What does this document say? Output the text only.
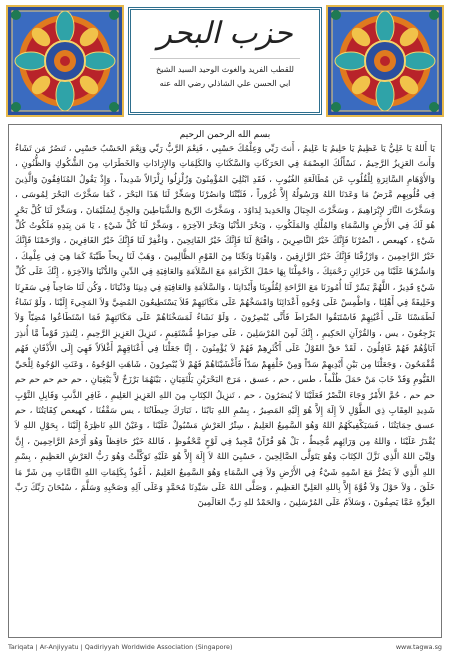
حزب البحر
للقطب الفريد والغوث الوحيد السيد الشيخ
ابي الحسن علي الشاذلي رضي الله عنه
بسم الله الرحمن الرحيم

يَا أَللهُ يَا عَلِيُّ يَا عَظِيمُ يَا حَلِيمُ يَا عَلِيمُ ، أَنتَ رَبِّي وَعِلْمُكَ حَسْبِي ، فَنِعْمَ الرَّبُّ رَبِّي وَنِعْمَ الحَسْبُ حَسْبِي ، تَنصُرُ مَن تَشَاءُ وَأَنتَ العَزِيزُ الرَّحِيمُ ، نَسْأَلُكَ العِصْمَةَ فِي الحَرَكَاتِ وَالسَّكَنَاتِ وَالكَلِمَاتِ وَالإِرَادَاتِ وَالخَطَرَاتِ مِنَ الشُّكُوكِ وَالظُّنُونِ ، وَالأَوْهَامِ السَّاتِرَةِ لِلْقُلُوبِ عَن مُطَالَعَةِ الغُيُوبِ ، فَقَدِ ابْتُلِيَ المُؤْمِنُونَ وَزُلْزِلُوا زِلْزَالاً شَدِيداً ، وَإِذْ يَقُولُ المُنَافِقُونَ وَالَّذِينَ فِي قُلُوبِهِم مَّرَضٌ مَا وَعَدَنَا اللهُ وَرَسُولُهُ إِلاَّ غُرُوراً ، فَثَبِّتْنَا وَانصُرْنَا وَسَخِّرْ لَنَا هَذَا البَحْرَ ، كَمَا سَخَّرْتَ البَحْرَ لِمُوسَى ، وَسَخَّرْتَ النَّارَ لإِبْرَاهِيمَ ، وَسَخَّرْتَ الجِبَالَ وَالحَدِيدَ لِدَاوُدَ ، وَسَخَّرْتَ الرِّيحَ وَالشَّيَاطِينَ وَالجِنَّ لِسُلَيْمَانَ ، وَسَخِّرْ لَنَا كُلَّ بَحْرٍ هُوَ لَكَ فِي الأَرْضِ وَالسَّمَاءِ وَالمُلْكِ وَالمَلَكُوتِ ، وَبَحْرَ الدُّنْيَا وَبَحْرَ الآخِرَةِ ، وَسَخِّرْ لَنَا كُلَّ شَيْءٍ ، يَا مَن بِيَدِهِ مَلَكُوتُ كُلِّ شَيْءٍ ، كهيعص ، انْصُرْنَا فَإِنَّكَ خَيْرُ النَّاصِرِينَ ، وَافْتَحْ لَنَا فَإِنَّكَ خَيْرُ الفَاتِحِينَ ، وَاغْفِرْ لَنَا فَإِنَّكَ خَيْرُ الغَافِرِينَ ، وَارْحَمْنَا فَإِنَّكَ خَيْرُ الرَّاحِمِينَ ، وَارْزُقْنَا فَإِنَّكَ خَيْرُ الرَّازِقِينَ ، وَاهْدِنَا وَنَجِّنَا مِنَ القَوْمِ الظَّالِمِينَ ، وَهَبْ لَنَا رِيحاً طَيِّبَةً كَمَا هِيَ فِي عِلْمِكَ ، وَانشُرْهَا عَلَيْنَا مِن خَزَائِنِ رَحْمَتِكَ ، وَاحْمِلْنَا بِهَا حَمْلَ الكَرَامَةِ مَعَ السَّلاَمَةِ وَالعَافِيَةِ فِي الدِّينِ وَالدُّنْيَا وَالآخِرَةِ ، إِنَّكَ عَلَى كُلِّ شَيْءٍ قَدِيرٌ ، اللَّهُمَّ يَسِّرْ لَنَا أُمُورَنَا مَعَ الرَّاحَةِ لِقُلُوبِنَا وَأَبْدَانِنَا ، وَالسَّلاَمَةِ وَالعَافِيَةِ فِي دِينِنَا وَدُنْيَانَا ، وَكُن لَنَا صَاحِباً فِي سَفَرِنَا وَخَلِيفَةً فِي أَهْلِنَا ، وَاطْمِسْ عَلَى وُجُوهِ أَعْدَائِنَا وَامْسَخْهُمْ عَلَى مَكَانَتِهِمْ فَلاَ يَسْتَطِيعُونَ المُضِيَّ وَلاَ المَجِيءَ إِلَيْنَا ، وَلَوْ نَشَاءُ لَطَمَسْنَا عَلَى أَعْيُنِهِمْ فَاسْتَبَقُوا الصِّرَاطَ فَأَنَّى يُبْصِرُونَ ، وَلَوْ نَشَاءُ لَمَسَخْنَاهُمْ عَلَى مَكَانَتِهِمْ فَمَا اسْتَطَاعُوا مُضِيّاً وَلاَ يَرْجِعُونَ ، يس ، وَالقُرْآنِ الحَكِيمِ ، إِنَّكَ لَمِنَ المُرْسَلِينَ ، عَلَى صِرَاطٍ مُّسْتَقِيمٍ ، تَنزِيلَ العَزِيزِ الرَّحِيمِ ، لِتُنذِرَ قَوْماً مَّا أُنذِرَ آبَاؤُهُمْ فَهُمْ غَافِلُونَ ، لَقَدْ حَقَّ القَوْلُ عَلَى أَكْثَرِهِمْ فَهُمْ لاَ يُؤْمِنُونَ ، إِنَّا جَعَلْنَا فِي أَعْنَاقِهِمْ أَغْلاَلاً فَهِيَ إِلَى الأَذْقَانِ فَهُم مُّقْمَحُونَ ، وَجَعَلْنَا مِن بَيْنِ أَيْدِيهِمْ سَدّاً وَمِنْ خَلْفِهِمْ سَدّاً فَأَغْشَيْنَاهُمْ فَهُمْ لاَ يُبْصِرُونَ ، شَاهَتِ الوُجُوهُ ، وَعَنَتِ الوُجُوهُ لِلْحَيِّ القَيُّومِ وَقَدْ خَابَ مَنْ حَمَلَ ظُلْماً ، طس ، حم ، عسق ، مَرَجَ البَحْرَيْنِ يَلْتَقِيَانِ ، بَيْنَهُمَا بَرْزَخٌ لاَّ يَبْغِيَانِ ، حم حم حم حم حم حم حم ، حُمَّ الأَمْرُ وَجَاءَ النَّصْرُ فَعَلَيْنَا لاَ يُنصَرُونَ ، حم ، تَنزِيلُ الكِتَابِ مِنَ اللهِ العَزِيزِ العَلِيمِ ، غَافِرِ الذَّنبِ وَقَابِلِ التَّوْبِ شَدِيدِ العِقَابِ ذِي الطَّوْلِ لاَ إِلَهَ إِلاَّ هُوَ إِلَيْهِ المَصِيرُ ، بِسْمِ اللهِ بَابُنَا ، تَبَارَكَ حِيطَانُنَا ، يس سَقْفُنَا ، كهيعص كِفَايَتُنَا ، حم عسق حِمَايَتُنَا ، فَسَيَكْفِيكَهُمُ اللهُ وَهُوَ السَّمِيعُ العَلِيمُ ، سِتْرُ العَرْشِ مَسْبُولٌ عَلَيْنَا ، وَعَيْنُ اللهِ نَاظِرَةٌ إِلَيْنَا ، بِحَوْلِ اللهِ لاَ يُقْدَرُ عَلَيْنَا ، وَاللهُ مِن وَرَائِهِم مُّحِيطٌ ، بَلْ هُوَ قُرْآنٌ مَّجِيدٌ فِي لَوْحٍ مَّحْفُوظٍ ، فَاللهُ خَيْرٌ حَافِظاً وَهُوَ أَرْحَمُ الرَّاحِمِينَ ، إِنَّ وَلِيِّيَ اللهُ الَّذِي نَزَّلَ الكِتَابَ وَهُوَ يَتَوَلَّى الصَّالِحِينَ ، حَسْبِيَ اللهُ لاَ إِلَهَ إِلاَّ هُوَ عَلَيْهِ تَوَكَّلْتُ وَهُوَ رَبُّ العَرْشِ العَظِيمِ ، بِسْمِ اللهِ الَّذِي لاَ يَضُرُّ مَعَ اسْمِهِ شَيْءٌ فِي الأَرْضِ وَلاَ فِي السَّمَاءِ وَهُوَ السَّمِيعُ العَلِيمُ ، أَعُوذُ بِكَلِمَاتِ اللهِ التَّامَّاتِ مِن شَرِّ مَا خَلَقَ ، وَلاَ حَوْلَ وَلاَ قُوَّةَ إِلاَّ بِاللهِ العَلِيِّ العَظِيمِ ، وَصَلَّى اللهُ عَلَى سَيِّدِنَا مُحَمَّدٍ وَعَلَى آلِهِ وَصَحْبِهِ وَسَلَّمَ ، سُبْحَانَ رَبِّكَ رَبِّ العِزَّةِ عَمَّا يَصِفُونَ ، وَسَلاَمٌ عَلَى المُرْسَلِينَ ، وَالحَمْدُ للهِ رَبِّ العَالَمِينَ

Tariqata | Ar-Anjiyyatu | Qadiriyyah Worldwide Association (Singapore)	www.tagwa.sg
